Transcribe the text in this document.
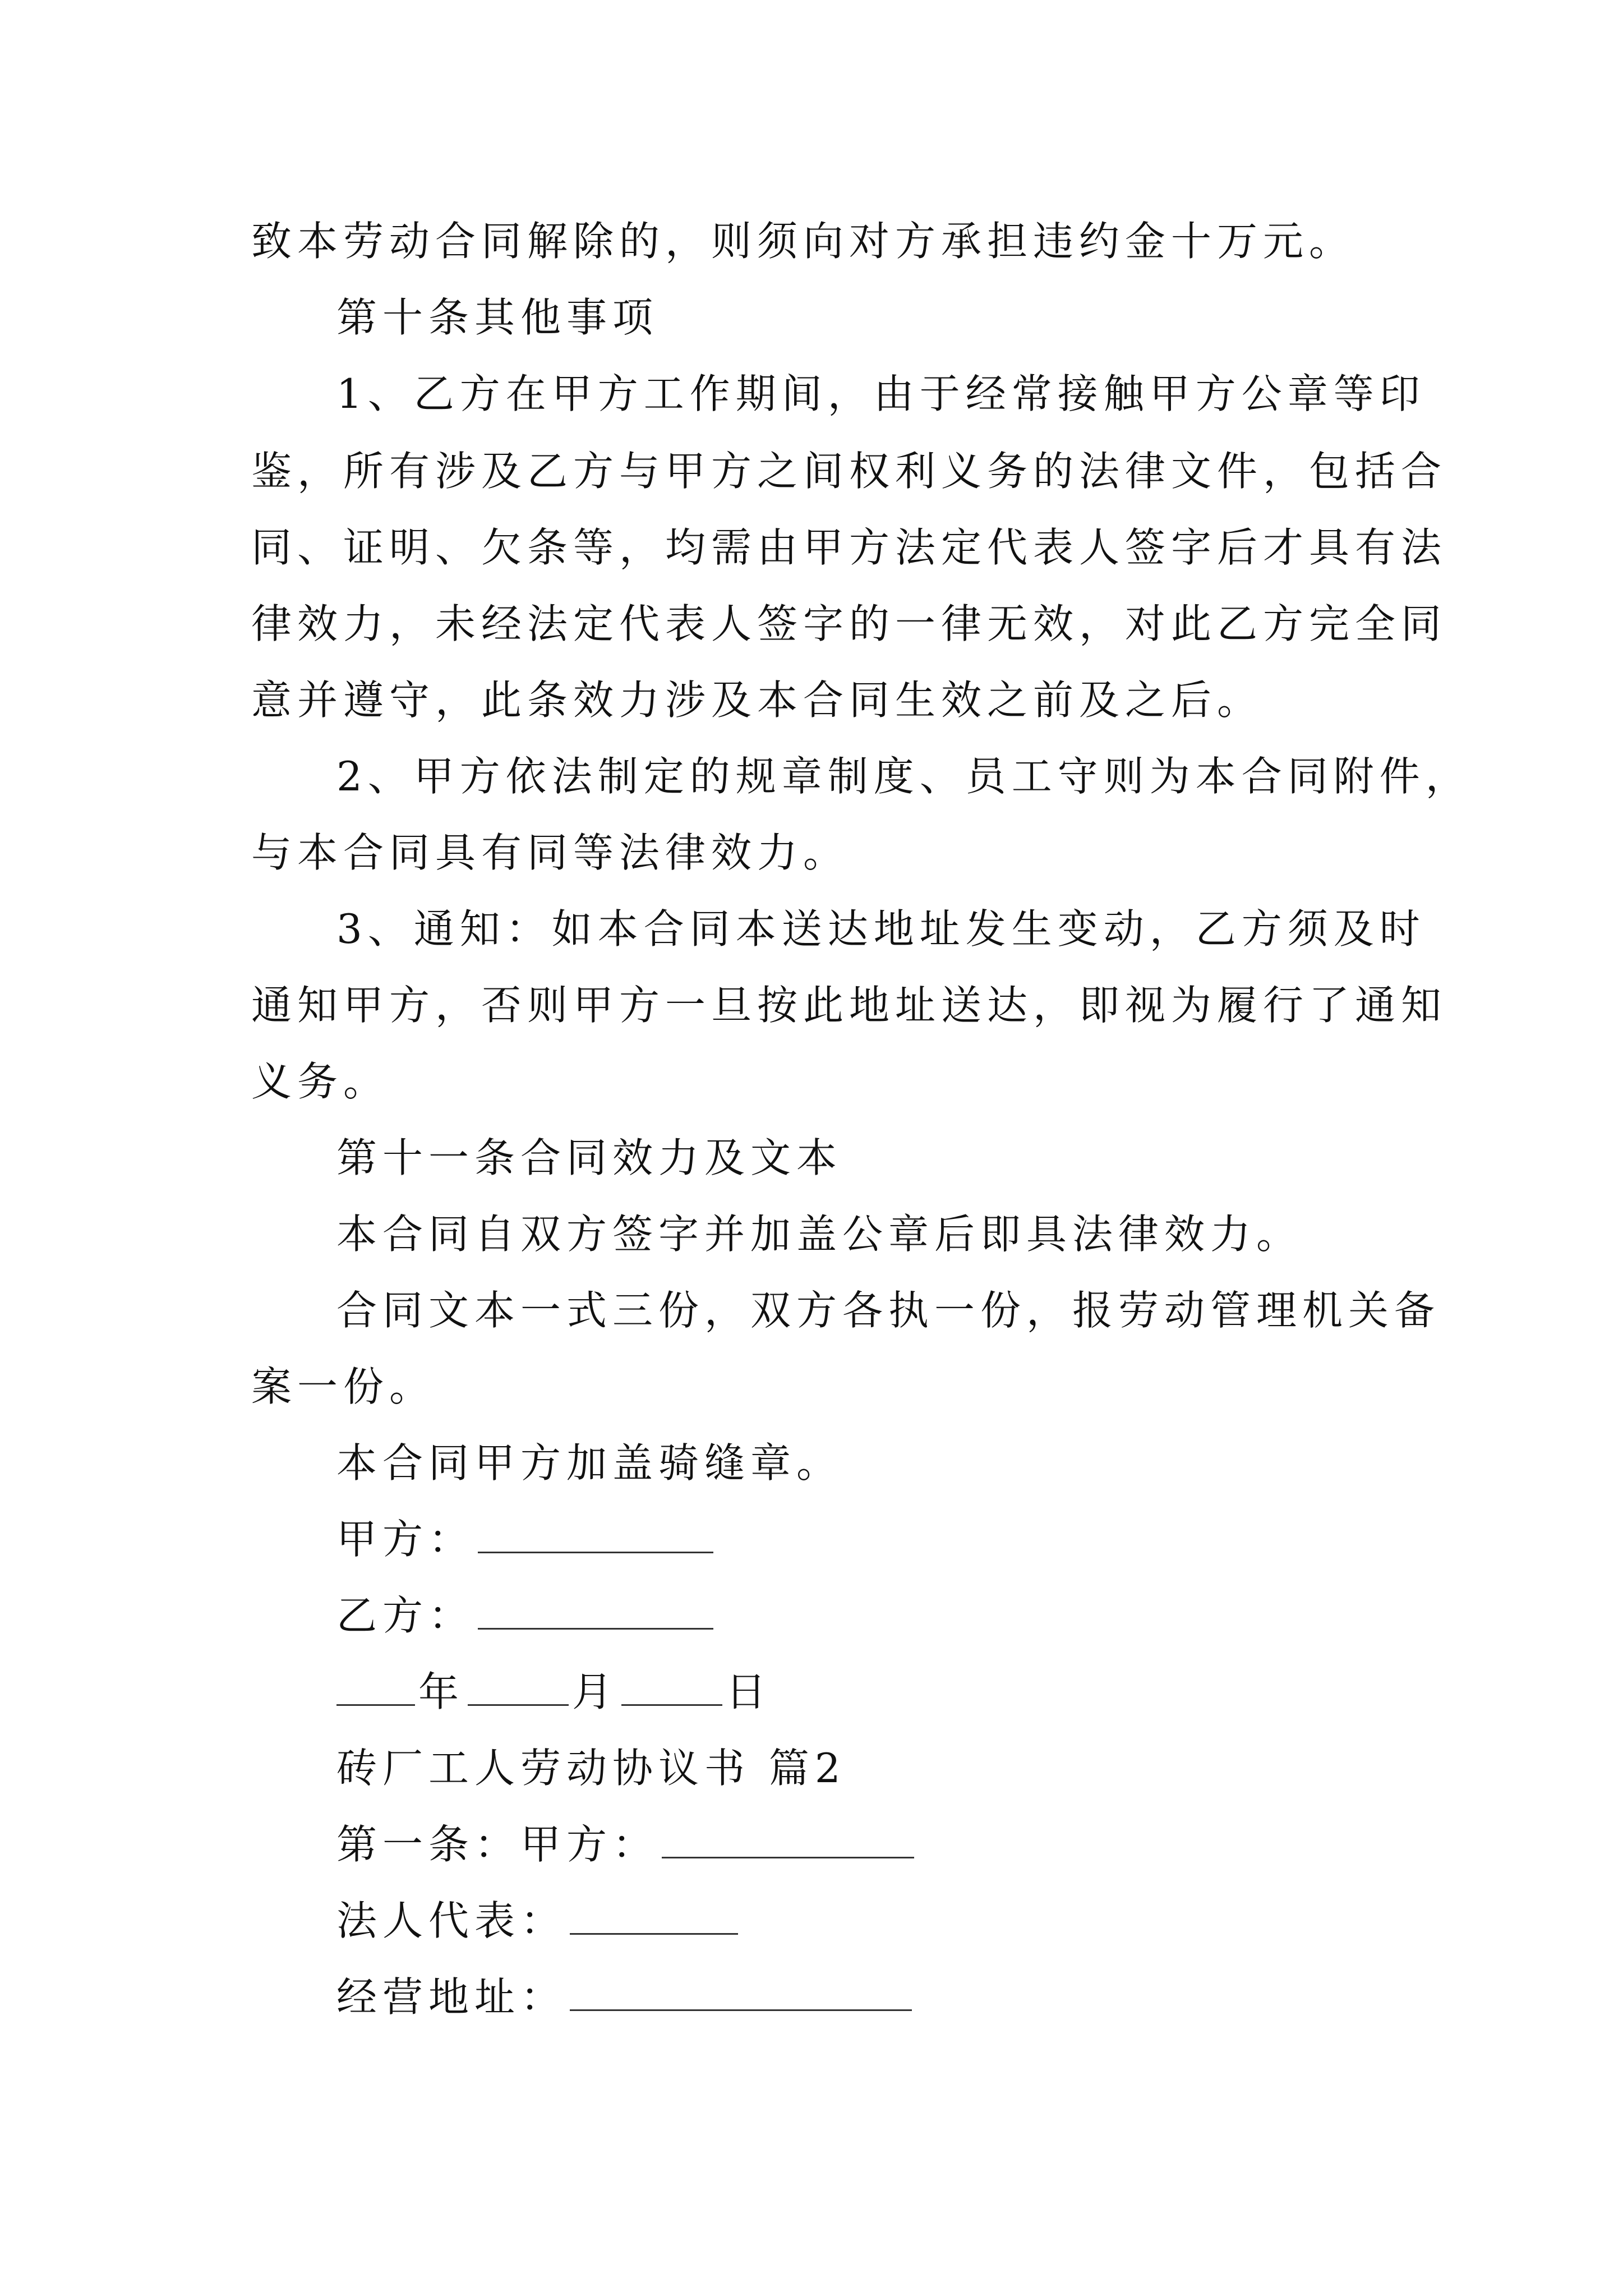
致本劳动合同解除的，则须向对方承担违约金十万元。
第十条其他事项
1、乙方在甲方工作期间，由于经常接触甲方公章等印
鉴，所有涉及乙方与甲方之间权利义务的法律文件，包括合
同、证明、欠条等，均需由甲方法定代表人签字后才具有法
律效力，未经法定代表人签字的一律无效，对此乙方完全同
意并遵守，此条效力涉及本合同生效之前及之后。
2、甲方依法制定的规章制度、员工守则为本合同附件，
与本合同具有同等法律效力。
3、通知：如本合同本送达地址发生变动，乙方须及时
通知甲方，否则甲方一旦按此地址送达，即视为履行了通知
义务。
第十一条合同效力及文本
本合同自双方签字并加盖公章后即具法律效力。
合同文本一式三份，双方各执一份，报劳动管理机关备
案一份。
本合同甲方加盖骑缝章。
甲方：
乙方：
年	月	日
砖厂工人劳动协议书 篇2
第一条：甲方：
法人代表：
经营地址：
